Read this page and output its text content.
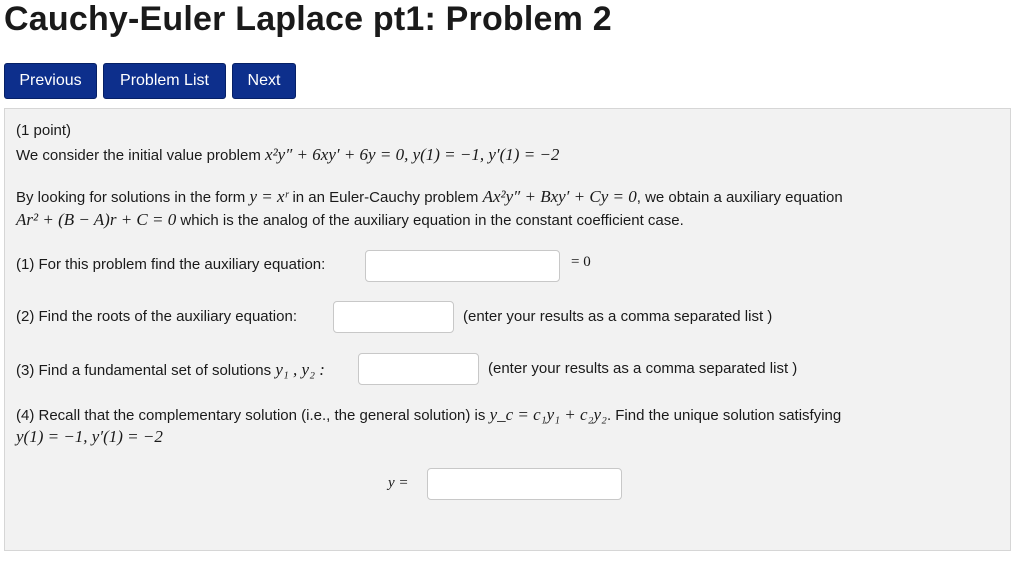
Cauchy-Euler Laplace pt1: Problem 2
Previous	Problem List	Next
(1 point)
We consider the initial value problem x²y″ + 6xy′ + 6y = 0, y(1) = −1, y′(1) = −2
By looking for solutions in the form y = xʳ in an Euler-Cauchy problem Ax²y″ + Bxy′ + Cy = 0, we obtain a auxiliary equation
Ar² + (B − A)r + C = 0 which is the analog of the auxiliary equation in the constant coefficient case.
(1) For this problem find the auxiliary equation:	= 0
(2) Find the roots of the auxiliary equation:	(enter your results as a comma separated list )
(3) Find a fundamental set of solutions y₁ , y₂ :	(enter your results as a comma separated list )
(4) Recall that the complementary solution (i.e., the general solution) is y_c = c₁y₁ + c₂y₂. Find the unique solution satisfying
y(1) = −1, y′(1) = −2
y =
